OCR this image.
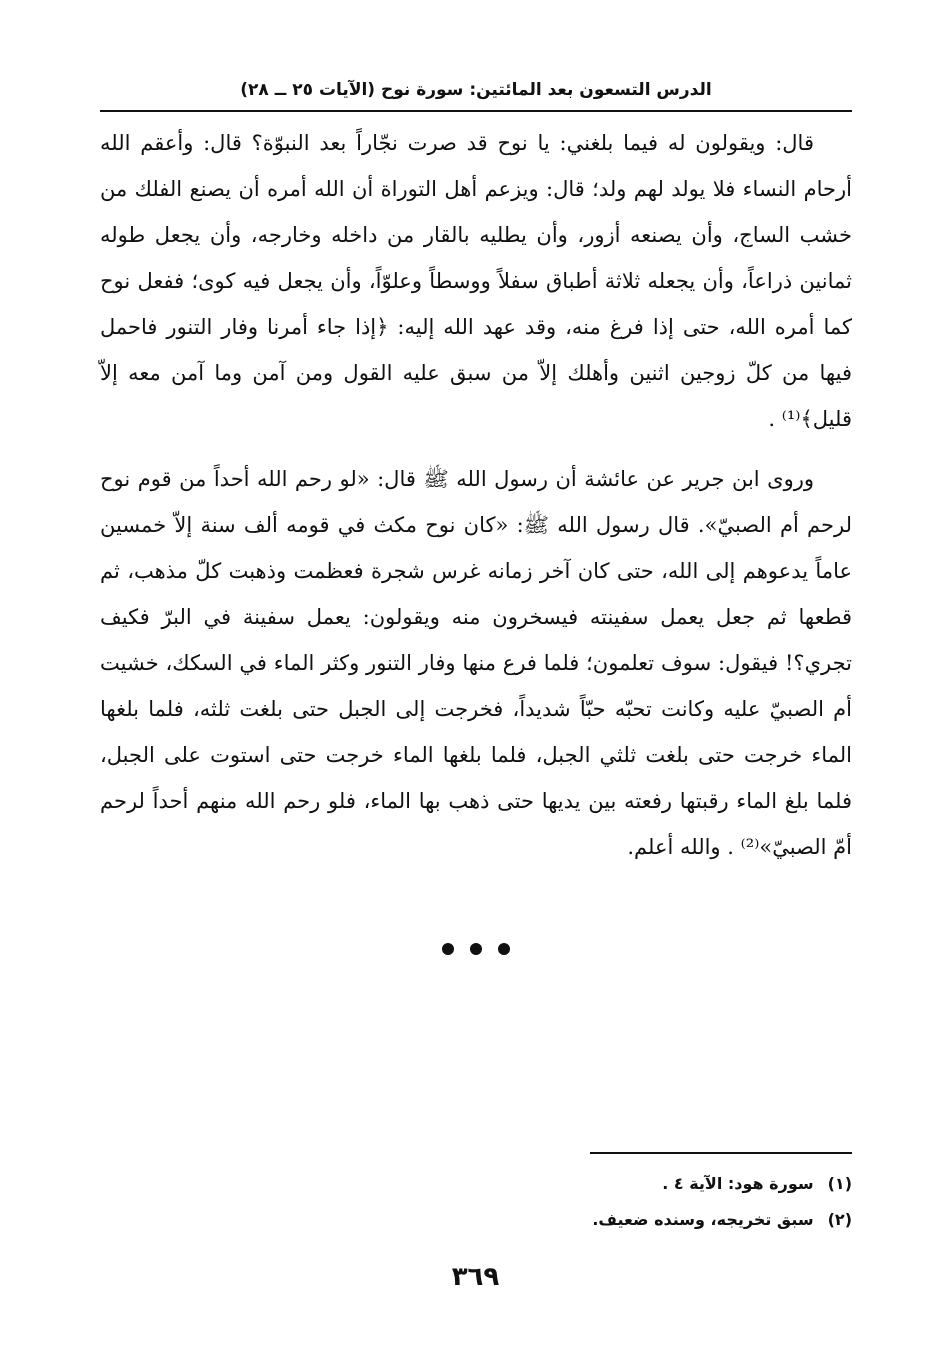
الدرس التسعون بعد المائتين: سورة نوح (الآيات ٢٥ ــ ٢٨)

قال: ويقولون له فيما بلغني: يا نوح قد صرت نجّاراً بعد النبوّة؟ قال: وأعقم الله أرحام النساء فلا يولد لهم ولد؛ قال: ويزعم أهل التوراة أن الله أمره أن يصنع الفلك من خشب الساج، وأن يصنعه أزور، وأن يطليه بالقار من داخله وخارجه، وأن يجعل طوله ثمانين ذراعاً، وأن يجعله ثلاثة أطباق سفلاً ووسطاً وعلوّاً، وأن يجعل فيه كوى؛ ففعل نوح كما أمره الله، حتى إذا فرغ منه، وقد عهد الله إليه: ﴿إذا جاء أمرنا وفار التنور فاحمل فيها من كلّ زوجين اثنين وأهلك إلاّ من سبق عليه القول ومن آمن وما آمن معه إلاّ قليل﴾⁽¹⁾ .

وروى ابن جرير عن عائشة أن رسول الله ﷺ قال: «لو رحم الله أحداً من قوم نوح لرحم أم الصبيّ». قال رسول الله ﷺ: «كان نوح مكث في قومه ألف سنة إلاّ خمسين عاماً يدعوهم إلى الله، حتى كان آخر زمانه غرس شجرة فعظمت وذهبت كلّ مذهب، ثم قطعها ثم جعل يعمل سفينته فيسخرون منه ويقولون: يعمل سفينة في البرّ فكيف تجري؟! فيقول: سوف تعلمون؛ فلما فرع منها وفار التنور وكثر الماء في السكك، خشيت أم الصبيّ عليه وكانت تحبّه حبّاً شديداً، فخرجت إلى الجبل حتى بلغت ثلثه، فلما بلغها الماء خرجت حتى بلغت ثلثي الجبل، فلما بلغها الماء خرجت حتى استوت على الجبل، فلما بلغ الماء رقبتها رفعته بين يديها حتى ذهب بها الماء، فلو رحم الله منهم أحداً لرحم أمّ الصبيّ»⁽²⁾ . والله أعلم.

(١)سورة هود: الآية ٤ .
(٢)سبق تخريجه، وسنده ضعيف.
٣٦٩
